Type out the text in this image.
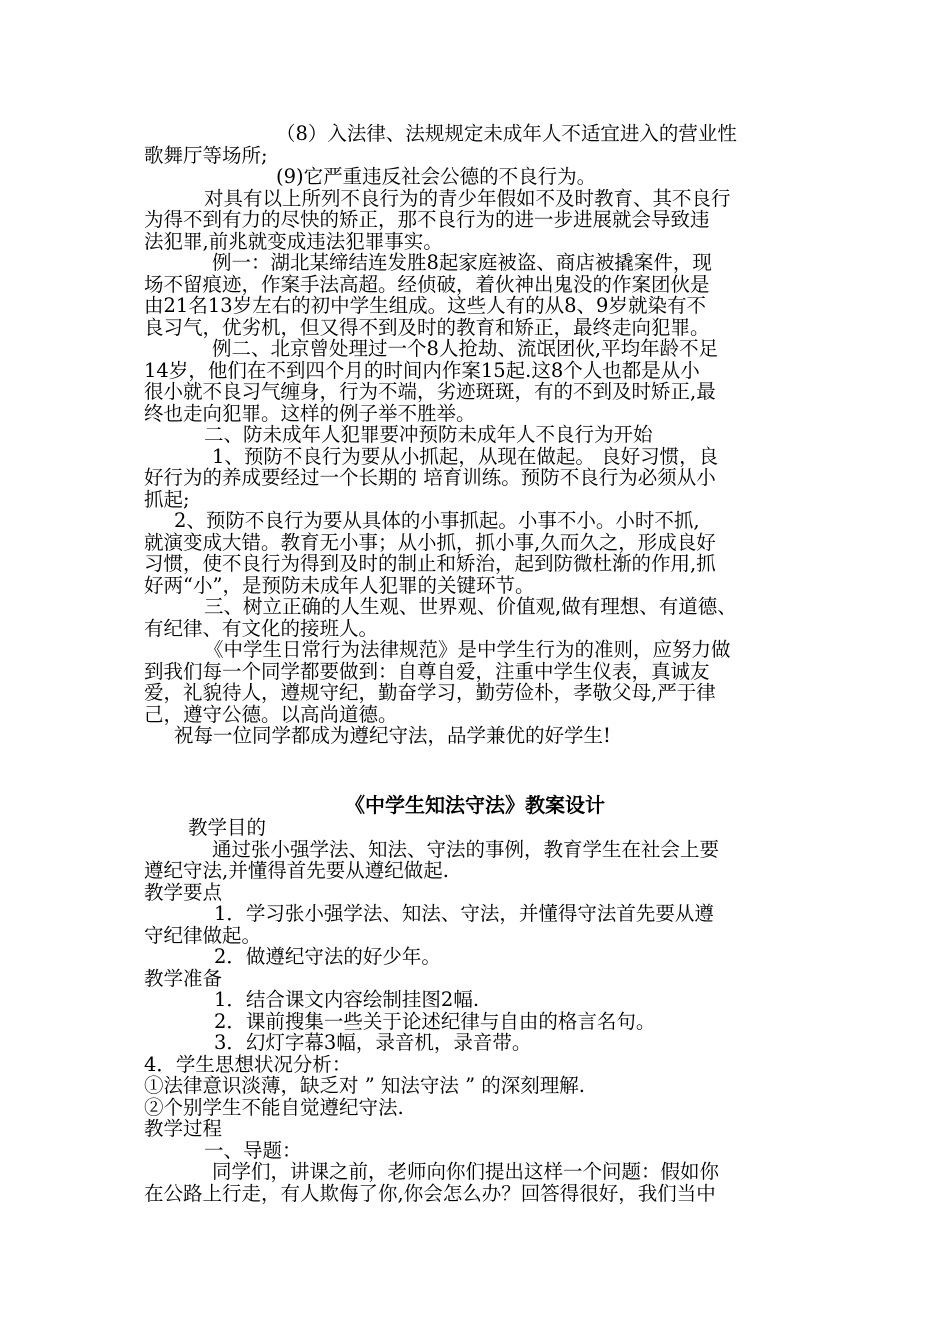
（8）入法律、法规规定未成年人不适宜进入的营业性
歌舞厅等场所;
(9)它严重违反社会公德的不良行为。
对具有以上所列不良行为的青少年假如不及时教育、其不良行
为得不到有力的尽快的矫正，那不良行为的进一步进展就会导致违
法犯罪,前兆就变成违法犯罪事实。
例一：湖北某缔结连发胜8起家庭被盗、商店被撬案件，现
场不留痕迹，作案手法高超。经侦破，着伙神出鬼没的作案团伙是
由21名13岁左右的初中学生组成。这些人有的从8、9岁就染有不
良习气，优劣机，但又得不到及时的教育和矫正，最终走向犯罪。
例二、北京曾处理过一个8人抢劫、流氓团伙,平均年龄不足
14岁，他们在不到四个月的时间内作案15起.这8个人也都是从小
很小就不良习气缠身，行为不端，劣迹斑斑，有的不到及时矫正,最
终也走向犯罪。这样的例子举不胜举。
二、防未成年人犯罪要冲预防未成年人不良行为开始
1、预防不良行为要从小抓起，从现在做起。 良好习惯，良
好行为的养成要经过一个长期的 培育训练。预防不良行为必须从小
抓起;
2、预防不良行为要从具体的小事抓起。小事不小。小时不抓,
就演变成大错。教育无小事；从小抓，抓小事,久而久之，形成良好
习惯，使不良行为得到及时的制止和矫治，起到防微杜渐的作用,抓
好两“小”，是预防未成年人犯罪的关键环节。
三、树立正确的人生观、世界观、价值观,做有理想、有道德、
有纪律、有文化的接班人。
《中学生日常行为法律规范》是中学生行为的准则，应努力做
到我们每一个同学都要做到：自尊自爱，注重中学生仪表，真诚友
爱，礼貌待人，遵规守纪，勤奋学习，勤劳俭朴，孝敬父母,严于律
己，遵守公德。以高尚道德。
祝每一位同学都成为遵纪守法，品学兼优的好学生!
《中学生知法守法》教案设计
教学目的
通过张小强学法、知法、守法的事例，教育学生在社会上要
遵纪守法,并懂得首先要从遵纪做起.
教学要点
1．学习张小强学法、知法、守法，并懂得守法首先要从遵
守纪律做起。
2．做遵纪守法的好少年。
教学准备
1．结合课文内容绘制挂图2幅.
2．课前搜集一些关于论述纪律与自由的格言名句。
3．幻灯字幕3幅，录音机，录音带。
4．学生思想状况分析：
①法律意识淡薄，缺乏对 ” 知法守法 ” 的深刻理解.
②个别学生不能自觉遵纪守法.
教学过程
一、导题：
同学们，讲课之前，老师向你们提出这样一个问题：假如你
在公路上行走，有人欺侮了你,你会怎么办？回答得很好，我们当中
